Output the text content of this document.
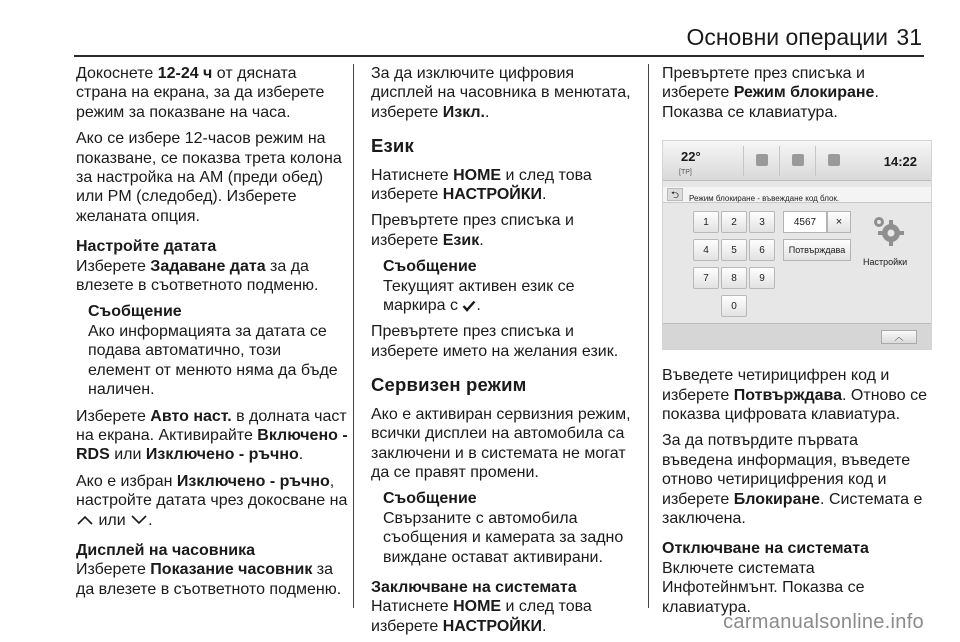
Основни операции 31

Докоснете 12-24 ч от дясната страна на екрана, за да изберете режим за показване на часа.

Ако се избере 12-часов режим на показване, се показва трета колона за настройка на AM (преди обед) или PM (следобед). Изберете желаната опция.

Настройте датата

Изберете Задаване дата за да влезете в съответното подменю.

Съобщение
Ако информацията за датата се подава автоматично, този елемент от менюто няма да бъде наличен.

Изберете Авто наст. в долната част на екрана. Активирайте Включено - RDS или Изключено - ръчно.

Ако е избран Изключено - ръчно, настройте датата чрез докосване на  или .

Дисплей на часовника

Изберете Показание часовник за да влезете в съответното подменю.

За да изключите цифровия дисплей на часовника в менютата, изберете Изкл..

Език

Натиснете HOME и след това изберете НАСТРОЙКИ.

Превъртете през списъка и изберете Език.

Съобщение
Текущият активен език се маркира с .

Превъртете през списъка и изберете името на желания език.

Сервизен режим

Ако е активиран сервизния режим, всички дисплеи на автомобила са заключени и в системата не могат да се правят промени.

Съобщение
Свързаните с автомобила съобщения и камерата за задно виждане остават активирани.
Заключване на системата

Натиснете HOME и след това изберете НАСТРОЙКИ.

Превъртете през списъка и изберете Режим блокиране.
Показва се клавиатура.

22°
[TP]
14:22
⮌	Режим блокиране - въвеждане код блок.
1	2	3
4	5	6
7	8	9
0
4567	×
Потвърждава
Настройки
︿

Въведете четирицифрен код и изберете Потвърждава. Отново се показва цифровата клавиатура.

За да потвърдите първата въведена информация, въведете отново четирицифрения код и изберете Блокиране. Системата е заключена.

Отключване на системата

Включете системата Инфотейнмънт. Показва се клавиатура.

carmanualsonline.info
